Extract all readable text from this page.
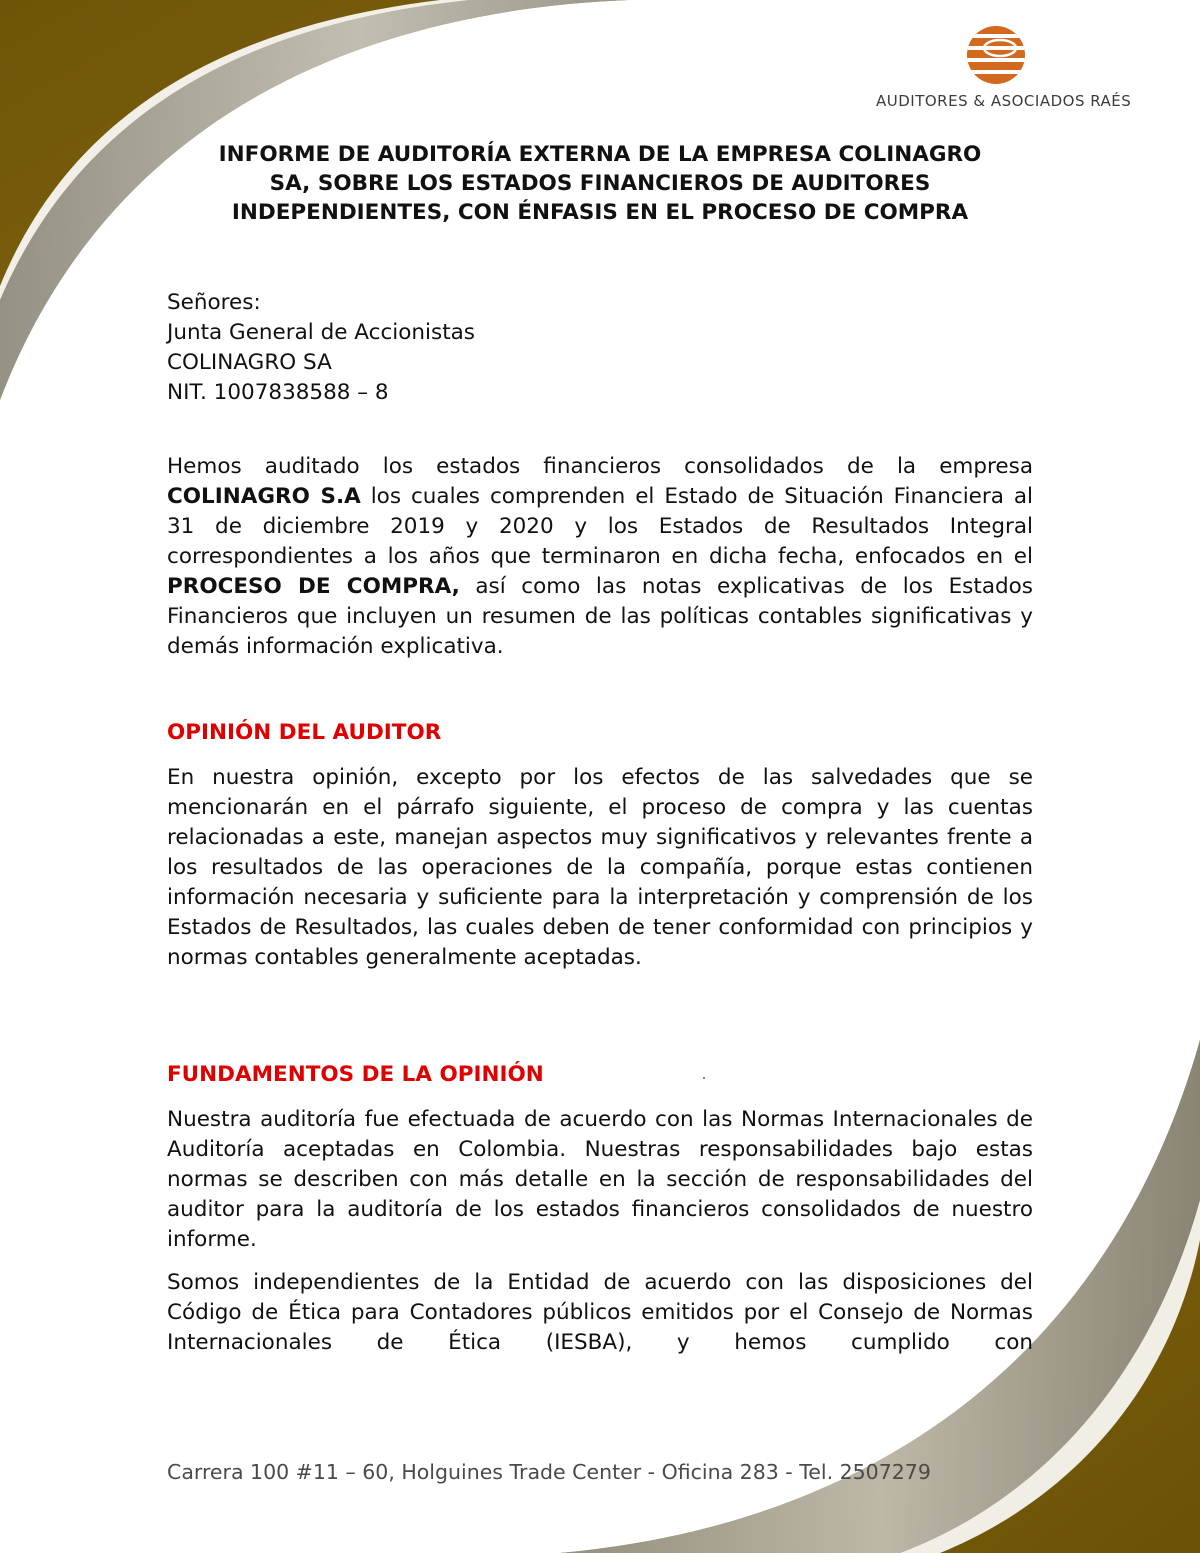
AUDITORES & ASOCIADOS RAÉS
INFORME DE AUDITORÍA EXTERNA DE LA EMPRESA COLINAGRO
SA, SOBRE LOS ESTADOS FINANCIEROS DE AUDITORES
INDEPENDIENTES, CON ÉNFASIS EN EL PROCESO DE COMPRA
Señores:
Junta General de Accionistas
COLINAGRO SA
NIT. 1007838588 – 8

Hemos auditado los estados financieros consolidados de la empresa COLINAGRO S.A los cuales comprenden el Estado de Situación Financiera al 31 de diciembre 2019 y 2020 y los Estados de Resultados Integral correspondientes a los años que terminaron en dicha fecha, enfocados en el PROCESO DE COMPRA, así como las notas explicativas de los Estados Financieros que incluyen un resumen de las políticas contables significativas y demás información explicativa.

OPINIÓN DEL AUDITOR

En nuestra opinión, excepto por los efectos de las salvedades que se mencionarán en el párrafo siguiente, el proceso de compra y las cuentas relacionadas a este, manejan aspectos muy significativos y relevantes frente a los resultados de las operaciones de la compañía, porque estas contienen información necesaria y suficiente para la interpretación y comprensión de los Estados de Resultados, las cuales deben de tener conformidad con principios y normas contables generalmente aceptadas.

FUNDAMENTOS DE LA OPINIÓN

Nuestra auditoría fue efectuada de acuerdo con las Normas Internacionales de Auditoría aceptadas en Colombia. Nuestras responsabilidades bajo estas normas se describen con más detalle en la sección de responsabilidades del auditor para la auditoría de los estados financieros consolidados de nuestro informe.

Somos independientes de la Entidad de acuerdo con las disposiciones del Código de Ética para Contadores públicos emitidos por el Consejo de Normas Internacionales de Ética (IESBA), y hemos cumplido con

Carrera 100 #11 – 60, Holguines Trade Center - Oficina 283 - Tel. 2507279
